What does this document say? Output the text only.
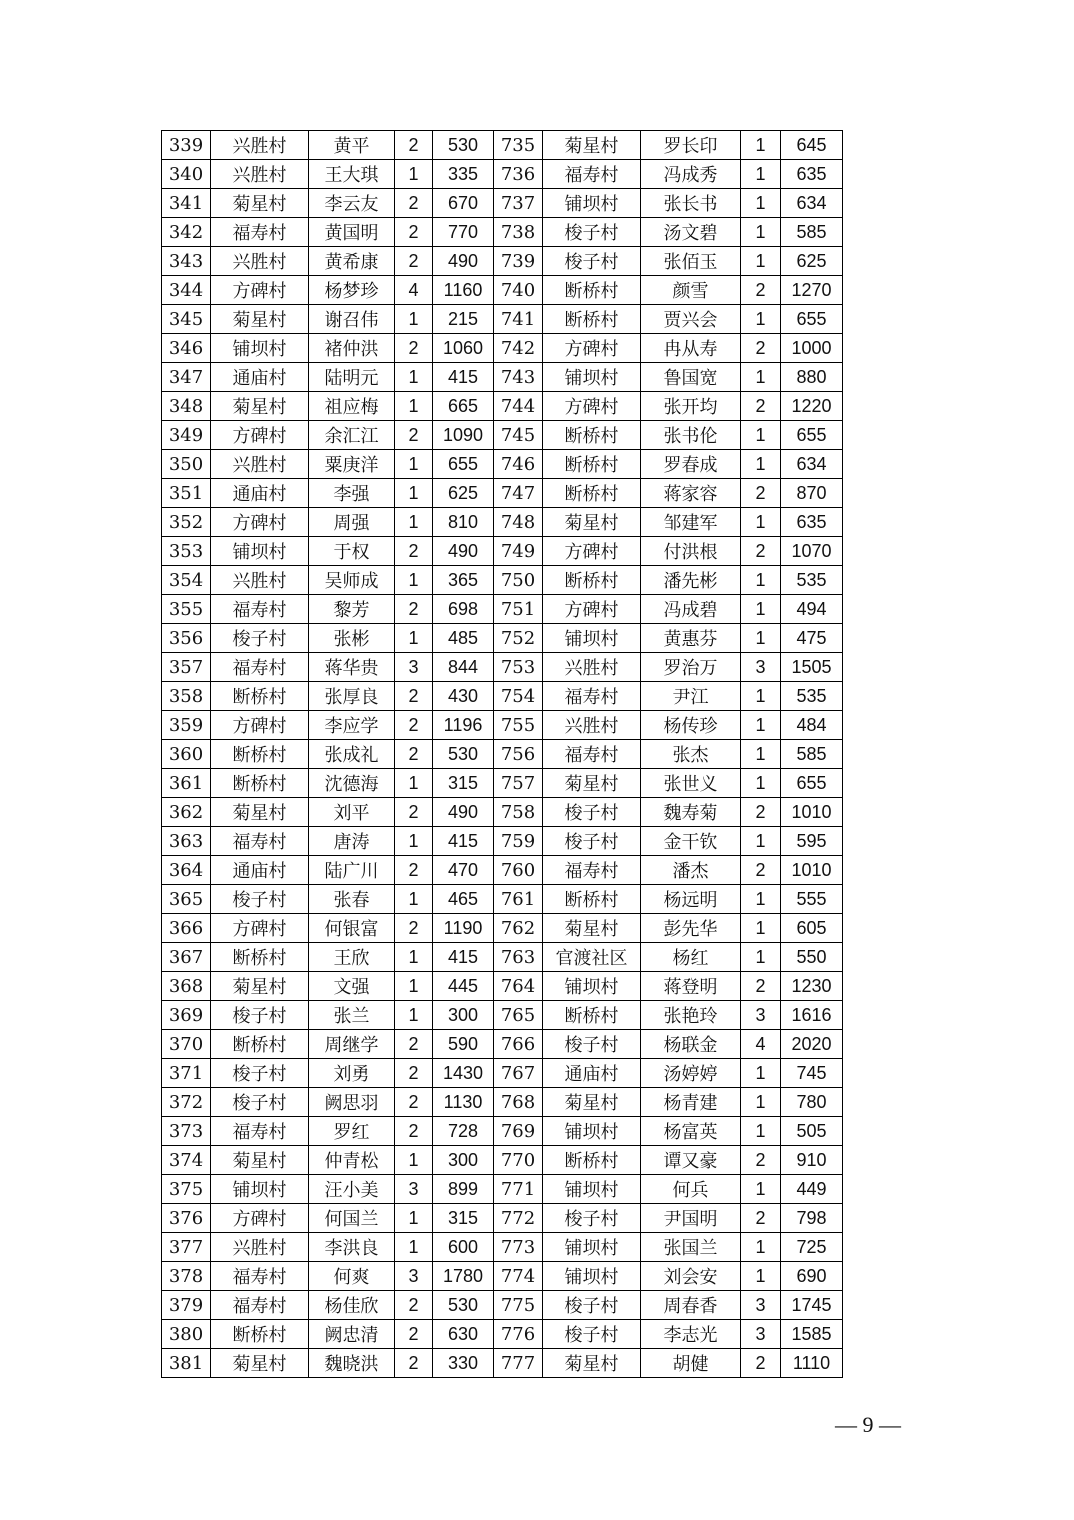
339	兴胜村	黄平	2	530	735	菊星村	罗长印	1	645
340	兴胜村	王大琪	1	335	736	福寿村	冯成秀	1	635
341	菊星村	李云友	2	670	737	铺坝村	张长书	1	634
342	福寿村	黄国明	2	770	738	梭子村	汤文碧	1	585
343	兴胜村	黄希康	2	490	739	梭子村	张佰玉	1	625
344	方碑村	杨梦珍	4	1160	740	断桥村	颜雪	2	1270
345	菊星村	谢召伟	1	215	741	断桥村	贾兴会	1	655
346	铺坝村	褚仲洪	2	1060	742	方碑村	冉从寿	2	1000
347	通庙村	陆明元	1	415	743	铺坝村	鲁国宽	1	880
348	菊星村	祖应梅	1	665	744	方碑村	张开均	2	1220
349	方碑村	余汇江	2	1090	745	断桥村	张书伦	1	655
350	兴胜村	粟庚洋	1	655	746	断桥村	罗春成	1	634
351	通庙村	李强	1	625	747	断桥村	蒋家容	2	870
352	方碑村	周强	1	810	748	菊星村	邹建军	1	635
353	铺坝村	于权	2	490	749	方碑村	付洪根	2	1070
354	兴胜村	吴师成	1	365	750	断桥村	潘先彬	1	535
355	福寿村	黎芳	2	698	751	方碑村	冯成碧	1	494
356	梭子村	张彬	1	485	752	铺坝村	黄惠芬	1	475
357	福寿村	蒋华贵	3	844	753	兴胜村	罗治万	3	1505
358	断桥村	张厚良	2	430	754	福寿村	尹江	1	535
359	方碑村	李应学	2	1196	755	兴胜村	杨传珍	1	484
360	断桥村	张成礼	2	530	756	福寿村	张杰	1	585
361	断桥村	沈德海	1	315	757	菊星村	张世义	1	655
362	菊星村	刘平	2	490	758	梭子村	魏寿菊	2	1010
363	福寿村	唐涛	1	415	759	梭子村	金干钦	1	595
364	通庙村	陆广川	2	470	760	福寿村	潘杰	2	1010
365	梭子村	张春	1	465	761	断桥村	杨远明	1	555
366	方碑村	何银富	2	1190	762	菊星村	彭先华	1	605
367	断桥村	王欣	1	415	763	官渡社区	杨红	1	550
368	菊星村	文强	1	445	764	铺坝村	蒋登明	2	1230
369	梭子村	张兰	1	300	765	断桥村	张艳玲	3	1616
370	断桥村	周继学	2	590	766	梭子村	杨联金	4	2020
371	梭子村	刘勇	2	1430	767	通庙村	汤婷婷	1	745
372	梭子村	阙思羽	2	1130	768	菊星村	杨青建	1	780
373	福寿村	罗红	2	728	769	铺坝村	杨富英	1	505
374	菊星村	仲青松	1	300	770	断桥村	谭又豪	2	910
375	铺坝村	汪小美	3	899	771	铺坝村	何兵	1	449
376	方碑村	何国兰	1	315	772	梭子村	尹国明	2	798
377	兴胜村	李洪良	1	600	773	铺坝村	张国兰	1	725
378	福寿村	何爽	3	1780	774	铺坝村	刘会安	1	690
379	福寿村	杨佳欣	2	530	775	梭子村	周春香	3	1745
380	断桥村	阙忠清	2	630	776	梭子村	李志光	3	1585
381	菊星村	魏晓洪	2	330	777	菊星村	胡健	2	1110
— 9 —
